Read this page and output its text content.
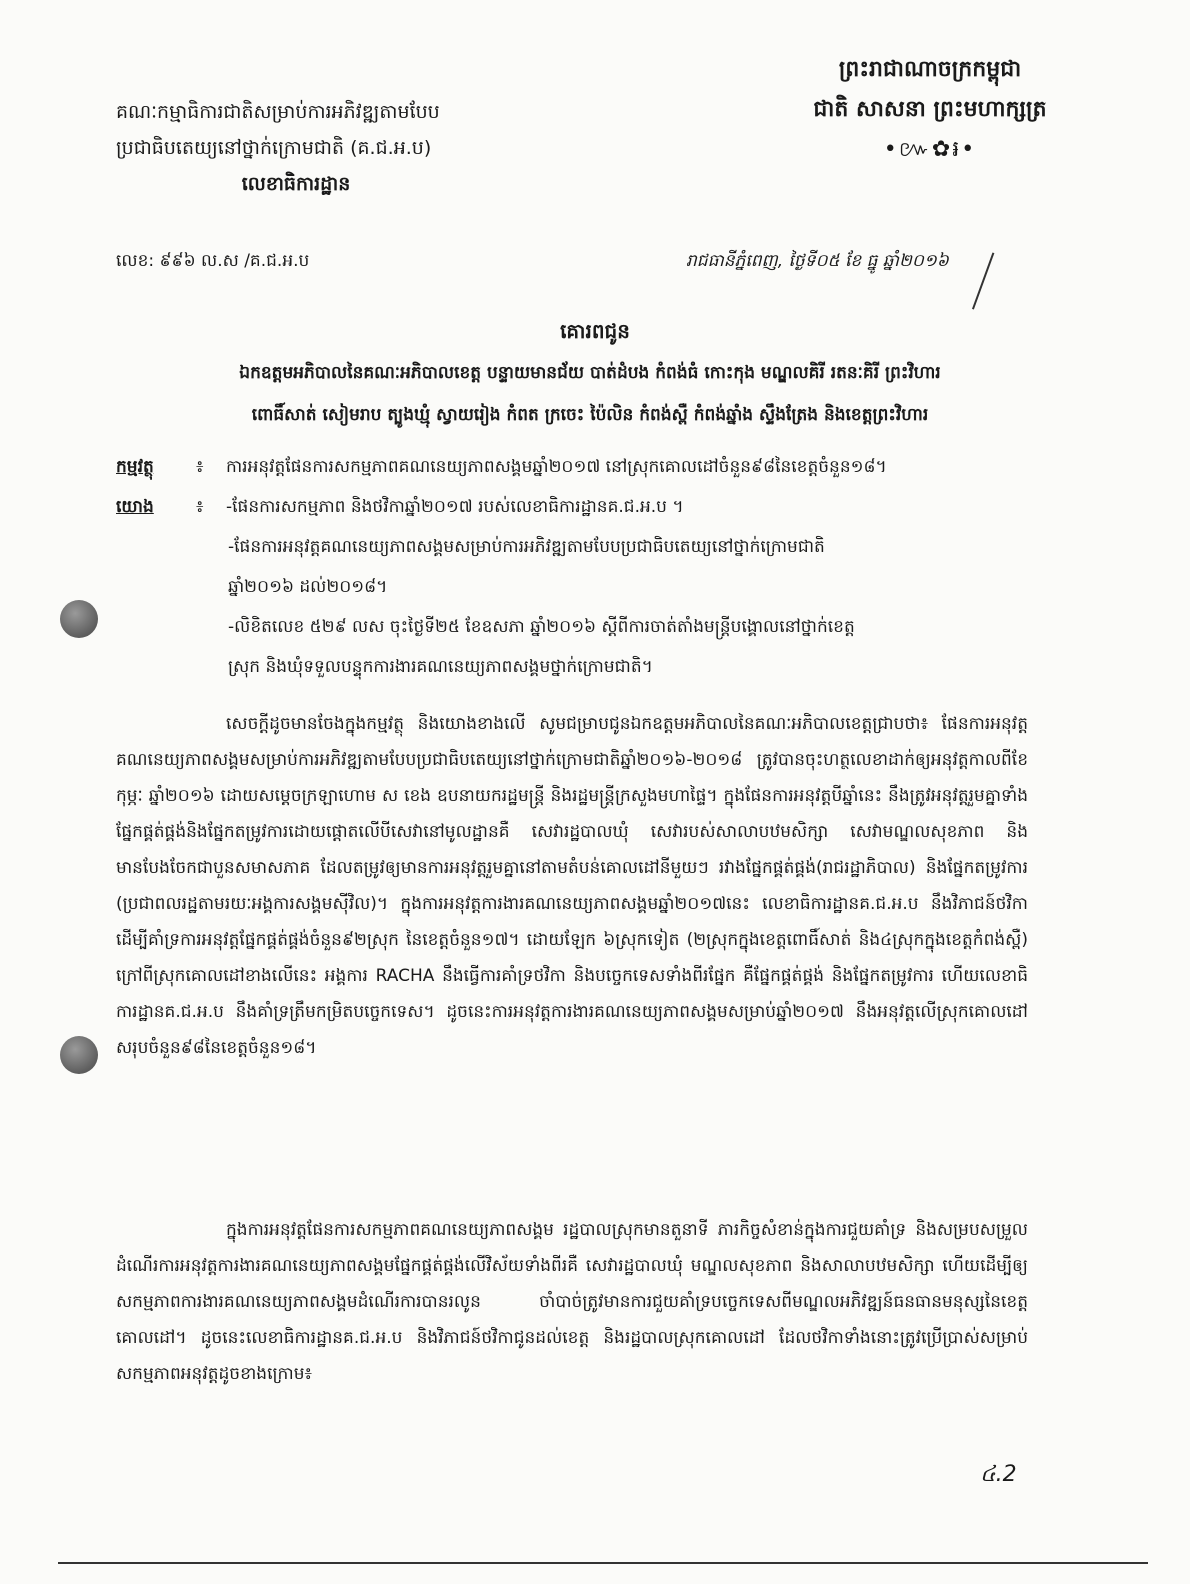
គណៈកម្មាធិការជាតិសម្រាប់ការអភិវឌ្ឍតាមបែប
ប្រជាធិបតេយ្យនៅថ្នាក់ក្រោមជាតិ (គ.ជ.អ.ប)
លេខាធិការដ្ឋាន
ព្រះរាជាណាចក្រកម្ពុជា
ជាតិ សាសនា ព្រះមហាក្សត្រ
•៚✿៛•
លេខ: ៩៩៦ ល.ស /គ.ជ.អ.ប	រាជធានីភ្នំពេញ, ថ្ងៃទី០៥ ខែ ធ្នូ ឆ្នាំ២០១៦
គោរពជូន
ឯកឧត្តមអភិបាលនៃគណៈអភិបាលខេត្ត បន្ទាយមានជ័យ បាត់ដំបង កំពង់ធំ កោះកុង មណ្ឌលគិរី រតនៈគិរី ព្រះវិហារ
ពោធិ៍សាត់ សៀមរាប ត្បូងឃ្មុំ ស្វាយរៀង កំពត ក្រចេះ ប៉ៃលិន កំពង់ស្ពឺ កំពង់ឆ្នាំង ស្ទឹងត្រែង និងខេត្តព្រះវិហារ
កម្មវត្ថុ ៖ ការអនុវត្តផែនការសកម្មភាពគណនេយ្យភាពសង្គមឆ្នាំ២០១៧ នៅស្រុកគោលដៅចំនួន៩៨នៃខេត្តចំនួន១៨។
យោង ៖ -ផែនការសកម្មភាព និងថវិកាឆ្នាំ២០១៧ របស់លេខាធិការដ្ឋានគ.ជ.អ.ប ។
-ផែនការអនុវត្តគណនេយ្យភាពសង្គមសម្រាប់ការអភិវឌ្ឍតាមបែបប្រជាធិបតេយ្យនៅថ្នាក់ក្រោមជាតិ
ឆ្នាំ២០១៦ ដល់២០១៨។
-លិខិតលេខ ៥២៩ លស ចុះថ្ងៃទី២៥ ខែឧសភា ឆ្នាំ២០១៦ ស្ដីពីការចាត់តាំងមន្ត្រីបង្គោលនៅថ្នាក់ខេត្ត
ស្រុក និងឃុំទទួលបន្ទុកការងារគណនេយ្យភាពសង្គមថ្នាក់ក្រោមជាតិ។
សេចក្តីដូចមានចែងក្នុងកម្មវត្ថុ និងយោងខាងលើ សូមជម្រាបជូនឯកឧត្តមអភិបាលនៃគណៈអភិបាលខេត្តជ្រាបថា៖ ផែនការអនុវត្តគណនេយ្យភាពសង្គមសម្រាប់ការអភិវឌ្ឍតាមបែបប្រជាធិបតេយ្យនៅថ្នាក់ក្រោមជាតិឆ្នាំ២០១៦-២០១៨ ត្រូវបានចុះហត្ថលេខាដាក់ឲ្យអនុវត្តកាលពីខែកុម្ភៈ ឆ្នាំ២០១៦ ដោយសម្ដេចក្រឡាហោម ស ខេង ឧបនាយករដ្ឋមន្ត្រី និងរដ្ឋមន្ត្រីក្រសួងមហាផ្ទៃ។ ក្នុងផែនការអនុវត្តបីឆ្នាំនេះ នឹងត្រូវអនុវត្តរួមគ្នាទាំងផ្នែកផ្គត់ផ្គង់និងផ្នែកតម្រូវការដោយផ្ដោតលើបីសេវានៅមូលដ្ឋានគឺ សេវារដ្ឋបាលឃុំ សេវារបស់សាលាបឋមសិក្សា សេវាមណ្ឌលសុខភាព និងមានបែងចែកជាបួនសមាសភាគ ដែលតម្រូវឲ្យមានការអនុវត្តរួមគ្នានៅតាមតំបន់គោលដៅនីមួយៗ រវាងផ្នែកផ្គត់ផ្គង់(រាជរដ្ឋាភិបាល) និងផ្នែកតម្រូវការ (ប្រជាពលរដ្ឋតាមរយៈអង្គការសង្គមស៊ីវិល)។ ក្នុងការអនុវត្តការងារគណនេយ្យភាពសង្គមឆ្នាំ២០១៧នេះ លេខាធិការដ្ឋានគ.ជ.អ.ប នឹងវិភាជន៍ថវិកាដើម្បីគាំទ្រការអនុវត្តផ្នែកផ្គត់ផ្គង់ចំនួន៩២ស្រុក នៃខេត្តចំនួន១៧។ ដោយឡែក ៦ស្រុកទៀត (២ស្រុកក្នុងខេត្តពោធិ៍សាត់ និង៤ស្រុកក្នុងខេត្តកំពង់ស្ពឺ) ក្រៅពីស្រុកគោលដៅខាងលើនេះ អង្គការ RACHA នឹងធ្វើការគាំទ្រថវិកា និងបច្ចេកទេសទាំងពីរផ្នែក គឺផ្នែកផ្គត់ផ្គង់ និងផ្នែកតម្រូវការ ហើយលេខាធិការដ្ឋានគ.ជ.អ.ប នឹងគាំទ្រត្រឹមកម្រិតបច្ចេកទេស។ ដូចនេះការអនុវត្តការងារគណនេយ្យភាពសង្គមសម្រាប់ឆ្នាំ២០១៧ នឹងអនុវត្តលើស្រុកគោលដៅសរុបចំនួន៩៨នៃខេត្តចំនួន១៨។
ក្នុងការអនុវត្តផែនការសកម្មភាពគណនេយ្យភាពសង្គម រដ្ឋបាលស្រុកមានតួនាទី ភារកិច្ចសំខាន់ក្នុងការជួយគាំទ្រ និងសម្របសម្រួលដំណើរការអនុវត្តការងារគណនេយ្យភាពសង្គមផ្នែកផ្គត់ផ្គង់លើវិស័យទាំងពីរគឺ សេវារដ្ឋបាលឃុំ មណ្ឌលសុខភាព និងសាលាបឋមសិក្សា ហើយដើម្បីឲ្យសកម្មភាពការងារគណនេយ្យភាពសង្គមដំណើរការបានរលូន ចាំបាច់ត្រូវមានការជួយគាំទ្របច្ចេកទេសពីមណ្ឌលអភិវឌ្ឍន៍ធនធានមនុស្សនៃខេត្តគោលដៅ។ ដូចនេះលេខាធិការដ្ឋានគ.ជ.អ.ប និងវិភាជន៍ថវិកាជូនដល់ខេត្ត និងរដ្ឋបាលស្រុកគោលដៅ ដែលថវិកាទាំងនោះត្រូវប្រើប្រាស់សម្រាប់សកម្មភាពអនុវត្តដូចខាងក្រោម៖
៤.2
